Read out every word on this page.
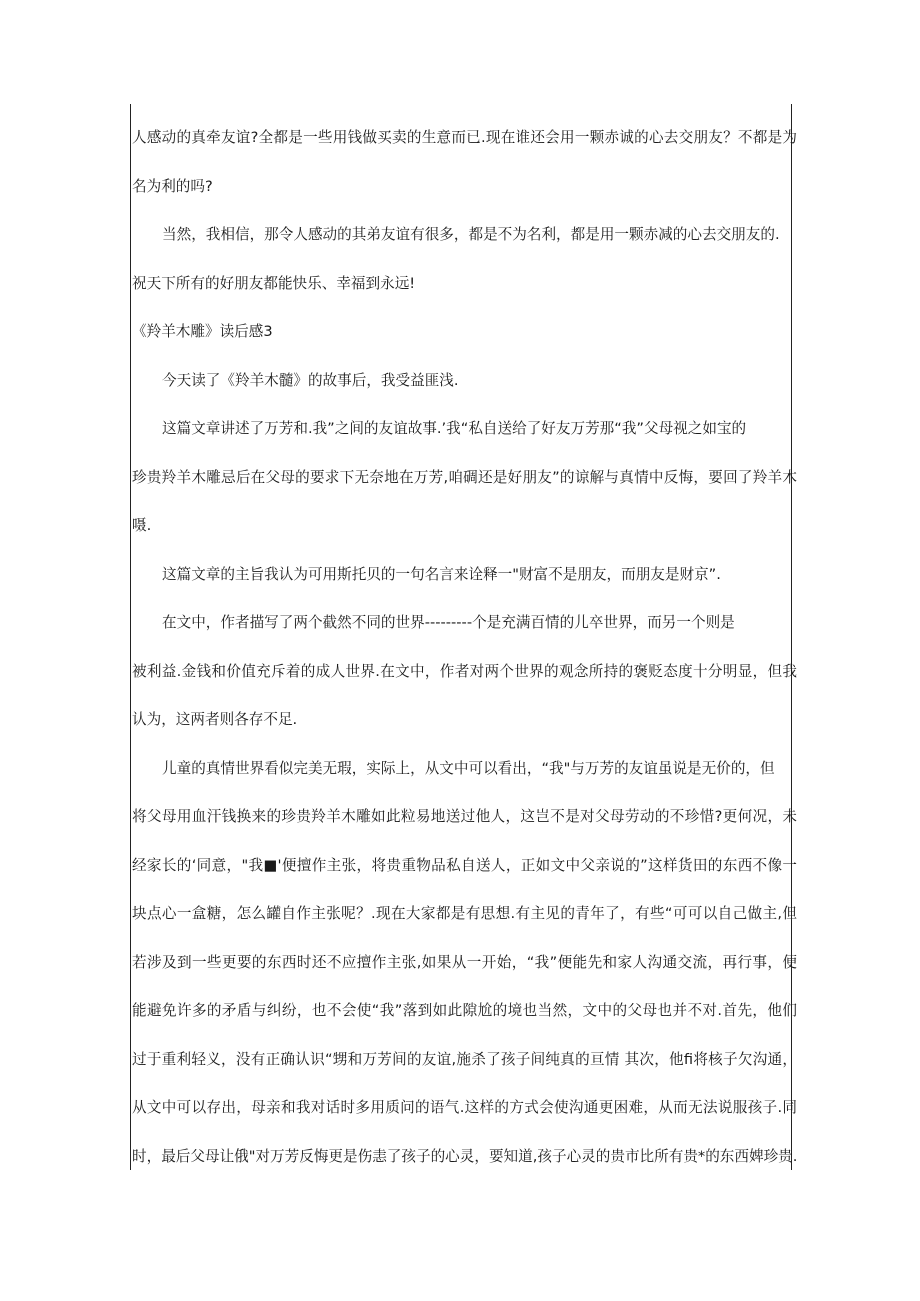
人感动的真牵友谊?全都是一些用钱做买卖的生意而已.现在谁还会用一颗赤诚的心去交朋友？不都是为
名为利的吗?
当然，我相信，那令人感动的其弟友谊有很多，都是不为名利，都是用一颗赤减的心去交朋友的.
祝天下所有的好朋友都能快乐、幸福到永远!
《羚羊木雕》读后感3
今天读了《羚羊木髓》的故事后，我受益匪浅.
这篇文章讲述了万芳和.我”之间的友谊故事.’我“私自送给了好友万芳那“我”父母视之如宝的
珍贵羚羊木雕忌后在父母的要求下无奈地在万芳,咱碉还是好朋友”的谅解与真情中反悔，要回了羚羊木
嗫.
这篇文章的主旨我认为可用斯托贝的一句名言来诠释一"财富不是朋友，而朋友是财京”.
在文中，作者描写了两个截然不同的世界---------个是充满百情的儿卒世界，而另一个则是
被利益.金钱和价值充斥着的成人世界.在文中，作者对两个世界的观念所持的褒贬态度十分明显，但我
认为，这两者则各存不足.
儿童的真情世界看似完美无瑕，实际上，从文中可以看出，“我"与万芳的友谊虽说是无价的，但
将父母用血汗钱换来的珍贵羚羊木雕如此粒易地送过他人，这岂不是对父母劳动的不珍惜?更何况，未
经家长的‘同意，"我■'便擅作主张，将贵重物品私自送人，正如文中父亲说的”这样货田的东西不像一
块点心一盒糖，怎么罐自作主张呢？.现在大家都是有思想.有主见的青年了，有些“可可以自己做主,但
若涉及到一些更要的东西时还不应擅作主张,如果从一开始，“我”便能先和家人沟通交流，再行事，便
能避免许多的矛盾与纠纷，也不会使“我”落到如此隙尬的境也当然，文中的父母也并不对.首先，他们
过于重利轻义，没有正确认识“甥和万芳间的友谊,施杀了孩子间纯真的亘情 其次，他fi将核子欠沟通，
从文中可以存出，母亲和我对话时多用质问的语气.这样的方式会使沟通更困难，从而无法说服孩子.同
时，最后父母让俄"对万芳反悔更是伤恚了孩子的心灵，要知道,孩子心灵的贵市比所有贵*的东西婢珍贵.
